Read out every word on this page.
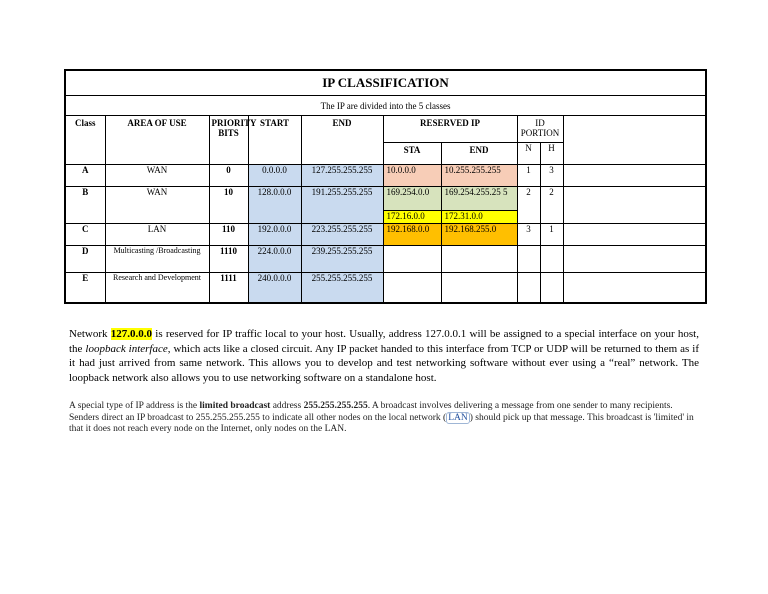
IP CLASSIFICATION									
The IP are divided into the 5 classes									
Class	AREA OF USE	PRIORITY BITS	START	END	RESERVED IP		ID PORTION		
					STA	END	N	H	
A	WAN	0	0.0.0.0	127.255.255.255	10.0.0.0	10.255.255.255	1	3	
B	WAN	10	128.0.0.0	191.255.255.255	169.254.0.0	169.254.255.25 5	2	2	
					172.16.0.0	172.31.0.0			
C	LAN	110	192.0.0.0	223.255.255.255	192.168.0.0	192.168.255.0	3	1	
D	Multicasting /Broadcasting	1110	224.0.0.0	239.255.255.255					
E	Research and Development	1111	240.0.0.0	255.255.255.255					

Network 127.0.0.0 is reserved for IP traffic local to your host. Usually, address 127.0.0.1 will be assigned to a special interface on your host, the loopback interface, which acts like a closed circuit. Any IP packet handed to this interface from TCP or UDP will be returned to them as if it had just arrived from same network. This allows you to develop and test networking software without ever using a “real” network. The loopback network also allows you to use networking software on a standalone host.

A special type of IP address is the limited broadcast address 255.255.255.255. A broadcast involves delivering a message from one sender to many recipients. Senders direct an IP broadcast to 255.255.255.255 to indicate all other nodes on the local network ( LAN ) should pick up that message. This broadcast is 'limited' in that it does not reach every node on the Internet, only nodes on the LAN.
